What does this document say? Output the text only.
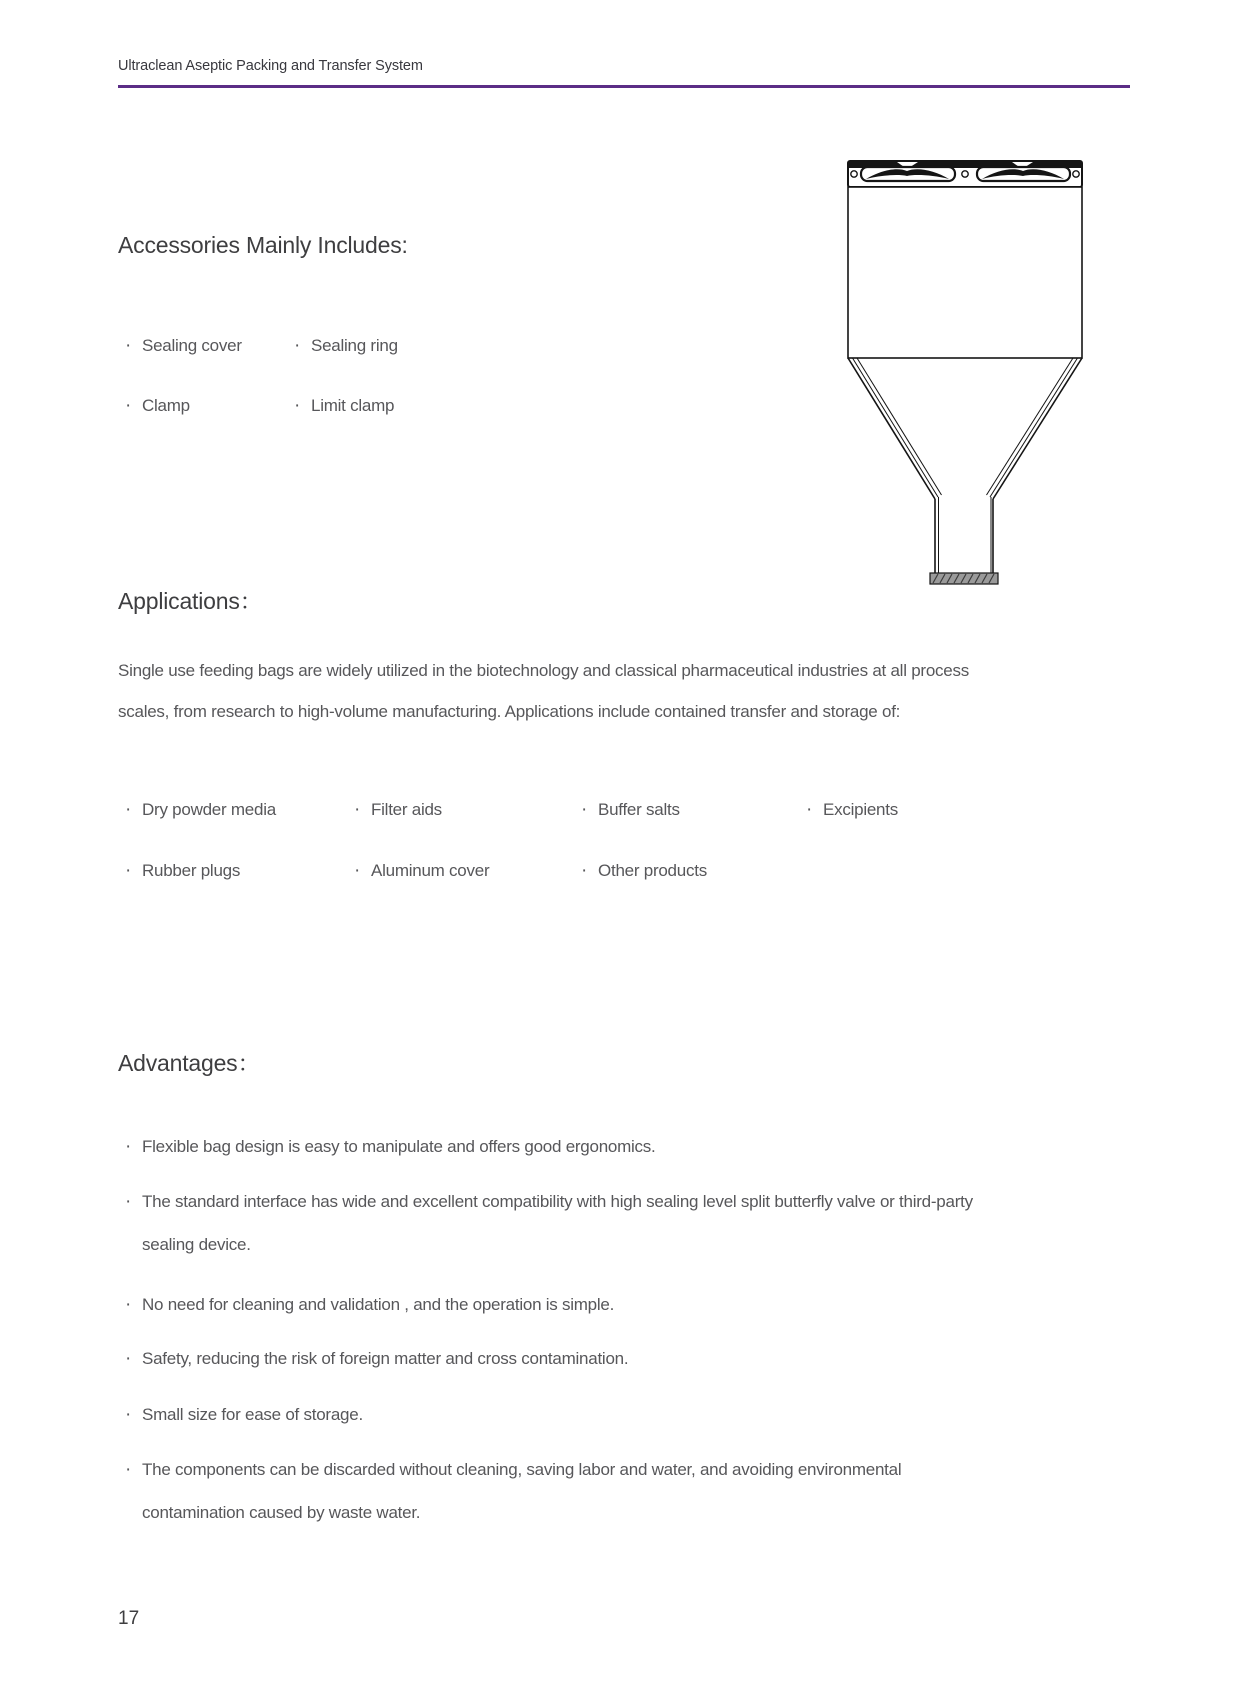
Ultraclean Aseptic Packing and Transfer System
Accessories Mainly Includes:
· Sealing cover	· Sealing ring
· Clamp	· Limit clamp
Applications：
Single use feeding bags are widely utilized in the biotechnology and classical pharmaceutical industries at all process
scales, from research to high-volume manufacturing. Applications include contained transfer and storage of:
· Dry powder media	· Filter aids	· Buffer salts	· Excipients
· Rubber plugs	· Aluminum cover	· Other products
Advantages：
· Flexible bag design is easy to manipulate and offers good ergonomics.
· The standard interface has wide and excellent compatibility with high sealing level split butterfly valve or third-party
sealing device.
· No need for cleaning and validation , and the operation is simple.
· Safety, reducing the risk of foreign matter and cross contamination.
· Small size for ease of storage.
· The components can be discarded without cleaning, saving labor and water, and avoiding environmental
contamination caused by waste water.
17
